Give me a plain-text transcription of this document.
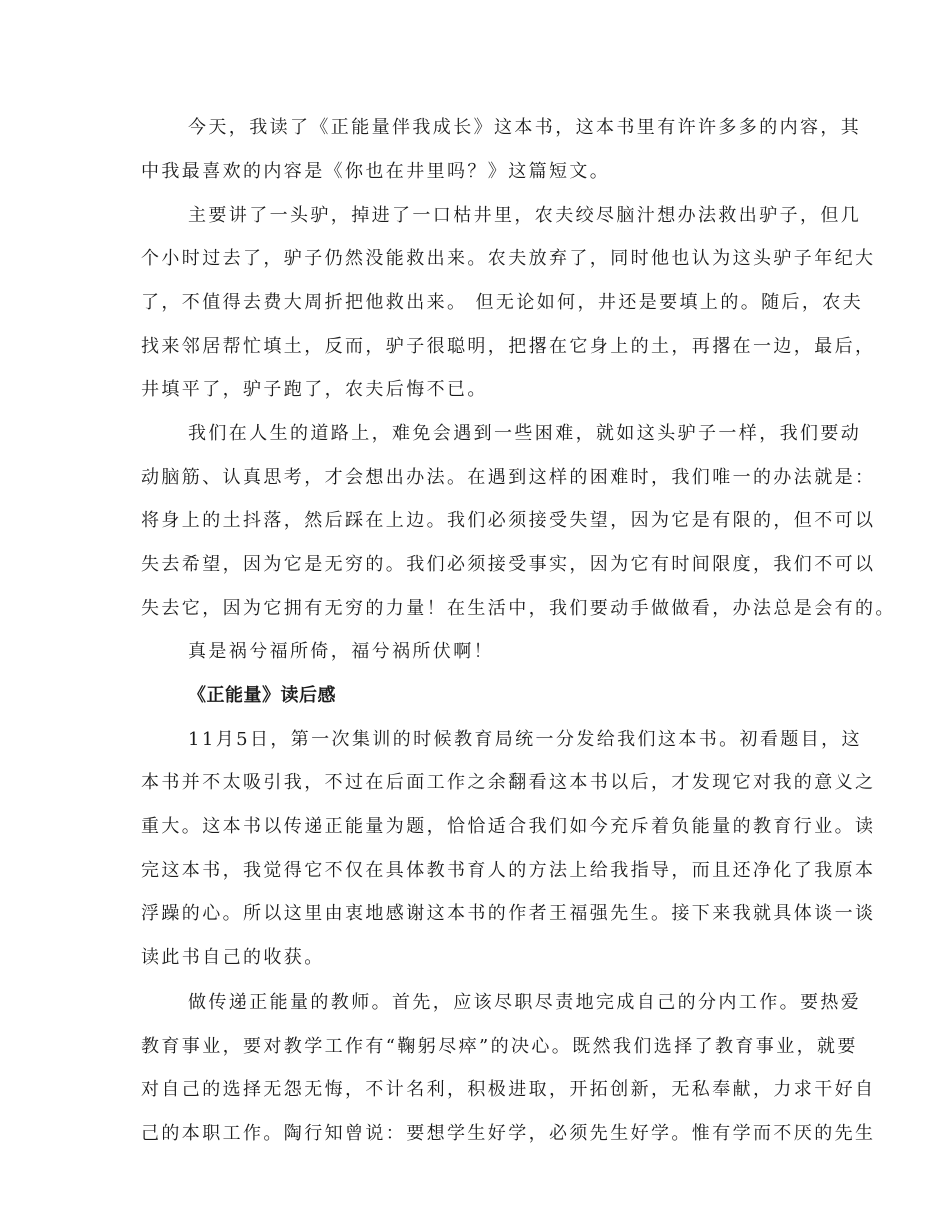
今天，我读了《正能量伴我成长》这本书，这本书里有许许多多的内容，其

中我最喜欢的内容是《你也在井里吗？》这篇短文。

主要讲了一头驴，掉进了一口枯井里，农夫绞尽脑汁想办法救出驴子，但几

个小时过去了，驴子仍然没能救出来。农夫放弃了，同时他也认为这头驴子年纪大

了，不值得去费大周折把他救出来。 但无论如何，井还是要填上的。随后，农夫

找来邻居帮忙填土，反而，驴子很聪明，把撂在它身上的土，再撂在一边，最后，

井填平了，驴子跑了，农夫后悔不已。

我们在人生的道路上，难免会遇到一些困难，就如这头驴子一样，我们要动

动脑筋、认真思考，才会想出办法。在遇到这样的困难时，我们唯一的办法就是：

将身上的土抖落，然后踩在上边。我们必须接受失望，因为它是有限的，但不可以

失去希望，因为它是无穷的。我们必须接受事实，因为它有时间限度，我们不可以

失去它，因为它拥有无穷的力量！在生活中，我们要动手做做看，办法总是会有的。

真是祸兮福所倚，福兮祸所伏啊！

《正能量》读后感

11月5日，第一次集训的时候教育局统一分发给我们这本书。初看题目，这

本书并不太吸引我，不过在后面工作之余翻看这本书以后，才发现它对我的意义之

重大。这本书以传递正能量为题，恰恰适合我们如今充斥着负能量的教育行业。读

完这本书，我觉得它不仅在具体教书育人的方法上给我指导，而且还净化了我原本

浮躁的心。所以这里由衷地感谢这本书的作者王福强先生。接下来我就具体谈一谈

读此书自己的收获。

做传递正能量的教师。首先，应该尽职尽责地完成自己的分内工作。要热爱

教育事业，要对教学工作有“鞠躬尽瘁”的决心。既然我们选择了教育事业，就要

对自己的选择无怨无悔，不计名利，积极进取，开拓创新，无私奉献，力求干好自

己的本职工作。陶行知曾说：要想学生好学，必须先生好学。惟有学而不厌的先生
